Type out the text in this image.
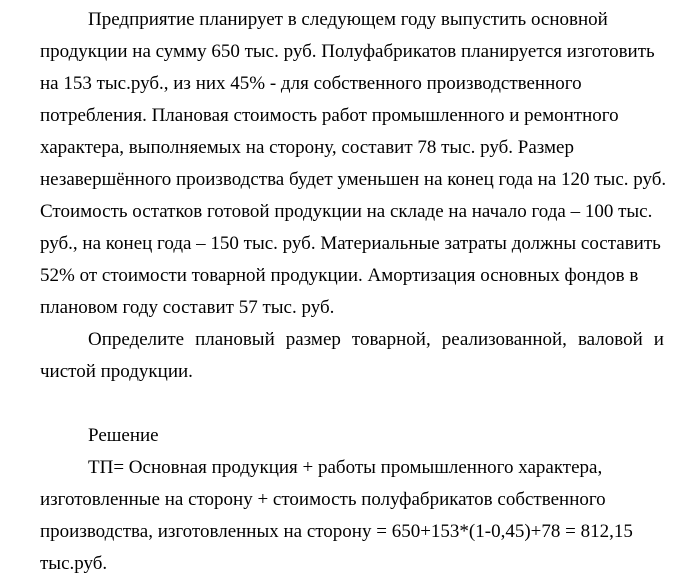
Предприятие планирует в следующем году выпустить основной
продукции на сумму 650 тыс. руб. Полуфабрикатов планируется изготовить
на 153 тыс.руб., из них 45% - для собственного производственного
потребления. Плановая стоимость работ промышленного и ремонтного
характера, выполняемых на сторону, составит 78 тыс. руб. Размер
незавершённого производства будет уменьшен на конец года на 120 тыс. руб.
Стоимость остатков готовой продукции на складе на начало года – 100 тыс.
руб., на конец года – 150 тыс. руб. Материальные затраты должны составить
52% от стоимости товарной продукции. Амортизация основных фондов в
плановом году составит 57 тыс. руб.
Определите плановый размер товарной, реализованной, валовой и
чистой продукции.
Решение
ТП= Основная продукция + работы промышленного характера,
изготовленные на сторону + стоимость полуфабрикатов собственного
производства, изготовленных на сторону = 650+153*(1-0,45)+78 = 812,15
тыс.руб.
